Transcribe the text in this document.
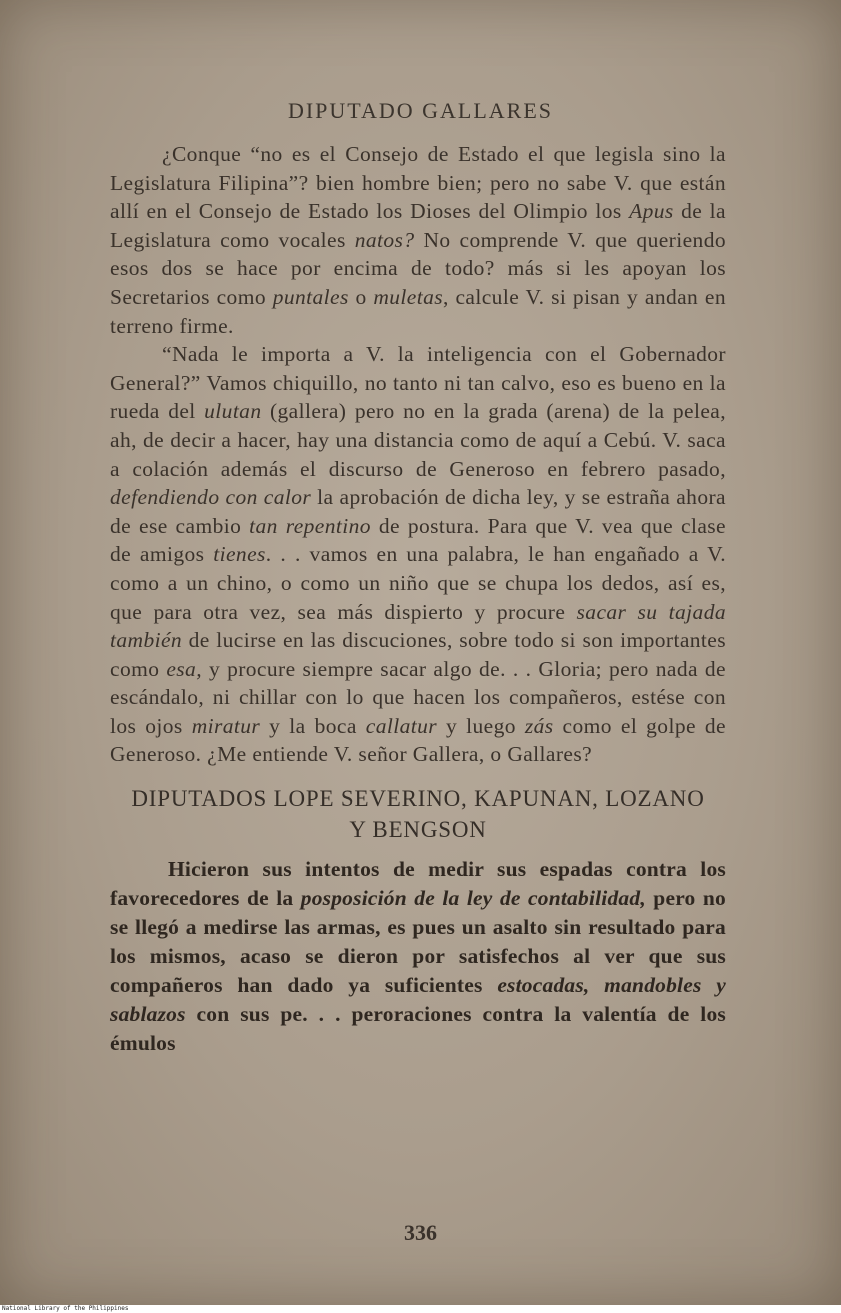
DIPUTADO GALLARES

¿Conque “no es el Consejo de Estado el que legisla sino la Legislatura Filipina”? bien hombre bien; pero no sabe V. que están allí en el Consejo de Estado los Dioses del Olimpio los Apus de la Legislatura como vocales natos? No comprende V. que queriendo esos dos se hace por encima de todo? más si les apoyan los Secretarios como puntales o muletas, calcule V. si pisan y andan en terreno firme.

“Nada le importa a V. la inteligencia con el Gobernador General?” Vamos chiquillo, no tanto ni tan calvo, eso es bueno en la rueda del ulutan (gallera) pero no en la grada (arena) de la pelea, ah, de decir a hacer, hay una distancia como de aquí a Cebú. V. saca a colación además el discurso de Generoso en febrero pasado, defendiendo con calor la aprobación de dicha ley, y se estraña ahora de ese cambio tan repentino de postura. Para que V. vea que clase de amigos tienes. . . vamos en una palabra, le han engañado a V. como a un chino, o como un niño que se chupa los dedos, así es, que para otra vez, sea más dispierto y procure sacar su tajada también de lucirse en las discuciones, sobre todo si son importantes como esa, y procure siempre sacar algo de. . . Gloria; pero nada de escándalo, ni chillar con lo que hacen los compañeros, estése con los ojos miratur y la boca callatur y luego zás como el golpe de Generoso. ¿Me entiende V. señor Gallera, o Gallares?

DIPUTADOS LOPE SEVERINO, KAPUNAN, LOZANO
Y BENGSON

Hicieron sus intentos de medir sus espadas contra los favorecedores de la posposición de la ley de contabilidad, pero no se llegó a medirse las armas, es pues un asalto sin resultado para los mismos, acaso se dieron por satisfechos al ver que sus compañeros han dado ya suficientes estocadas, mandobles y sablazos con sus pe. . . peroraciones contra la valentía de los émulos

336
National Library of the Philippines
